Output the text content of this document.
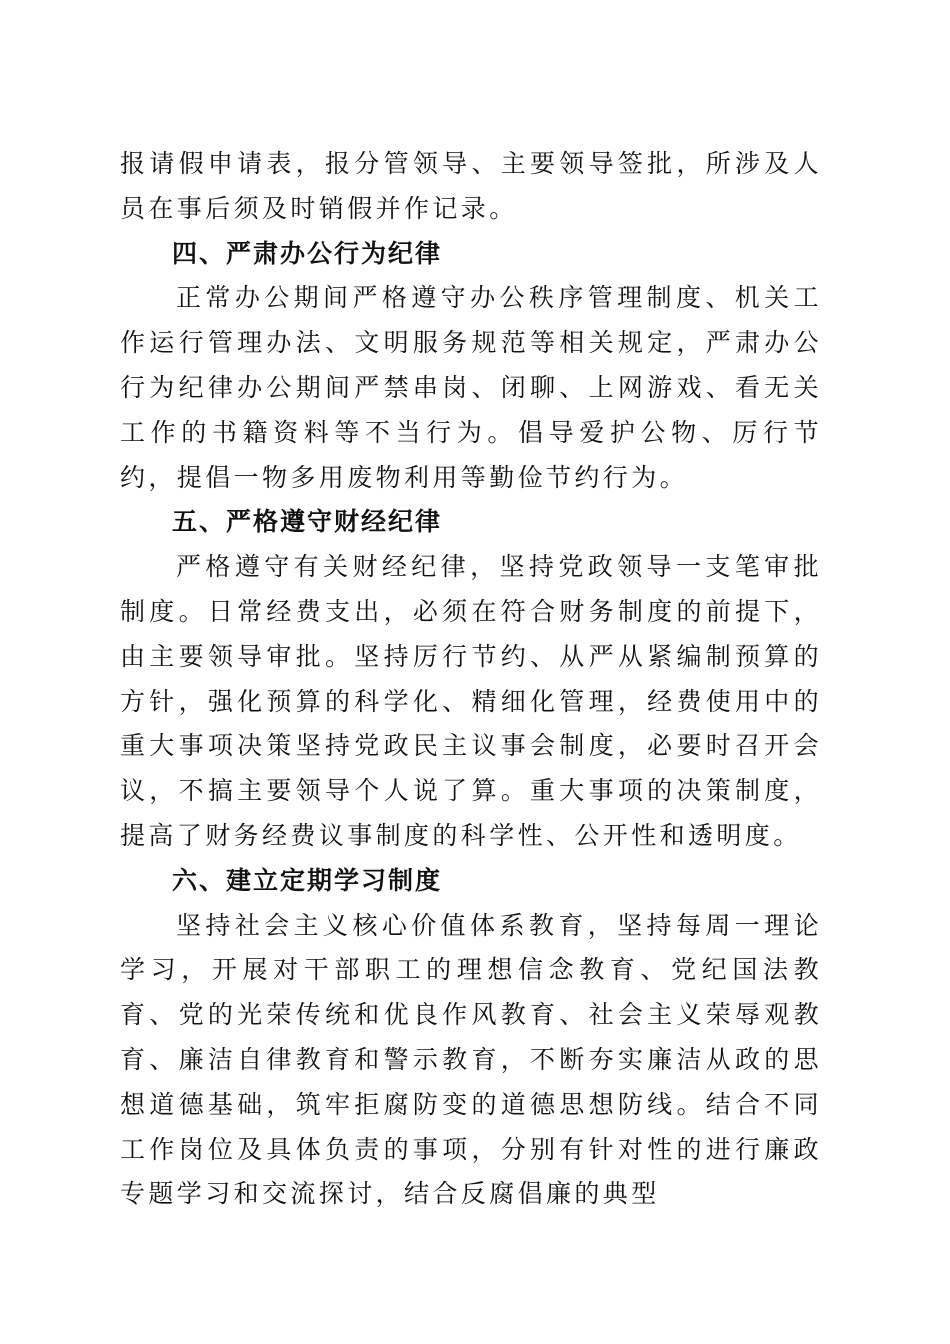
报请假申请表，报分管领导、主要领导签批，所涉及人员在事后须及时销假并作记录。

四、严肃办公行为纪律

正常办公期间严格遵守办公秩序管理制度、机关工作运行管理办法、文明服务规范等相关规定，严肃办公行为纪律办公期间严禁串岗、闭聊、上网游戏、看无关工作的书籍资料等不当行为。倡导爱护公物、厉行节约，提倡一物多用废物利用等勤俭节约行为。

五、严格遵守财经纪律

严格遵守有关财经纪律，坚持党政领导一支笔审批制度。日常经费支出，必须在符合财务制度的前提下，由主要领导审批。坚持厉行节约、从严从紧编制预算的方针，强化预算的科学化、精细化管理，经费使用中的重大事项决策坚持党政民主议事会制度，必要时召开会议，不搞主要领导个人说了算。重大事项的决策制度，提高了财务经费议事制度的科学性、公开性和透明度。

六、建立定期学习制度

坚持社会主义核心价值体系教育，坚持每周一理论学习，开展对干部职工的理想信念教育、党纪国法教育、党的光荣传统和优良作风教育、社会主义荣辱观教育、廉洁自律教育和警示教育，不断夯实廉洁从政的思想道德基础，筑牢拒腐防变的道德思想防线。结合不同工作岗位及具体负责的事项，分别有针对性的进行廉政专题学习和交流探讨，结合反腐倡廉的典型
